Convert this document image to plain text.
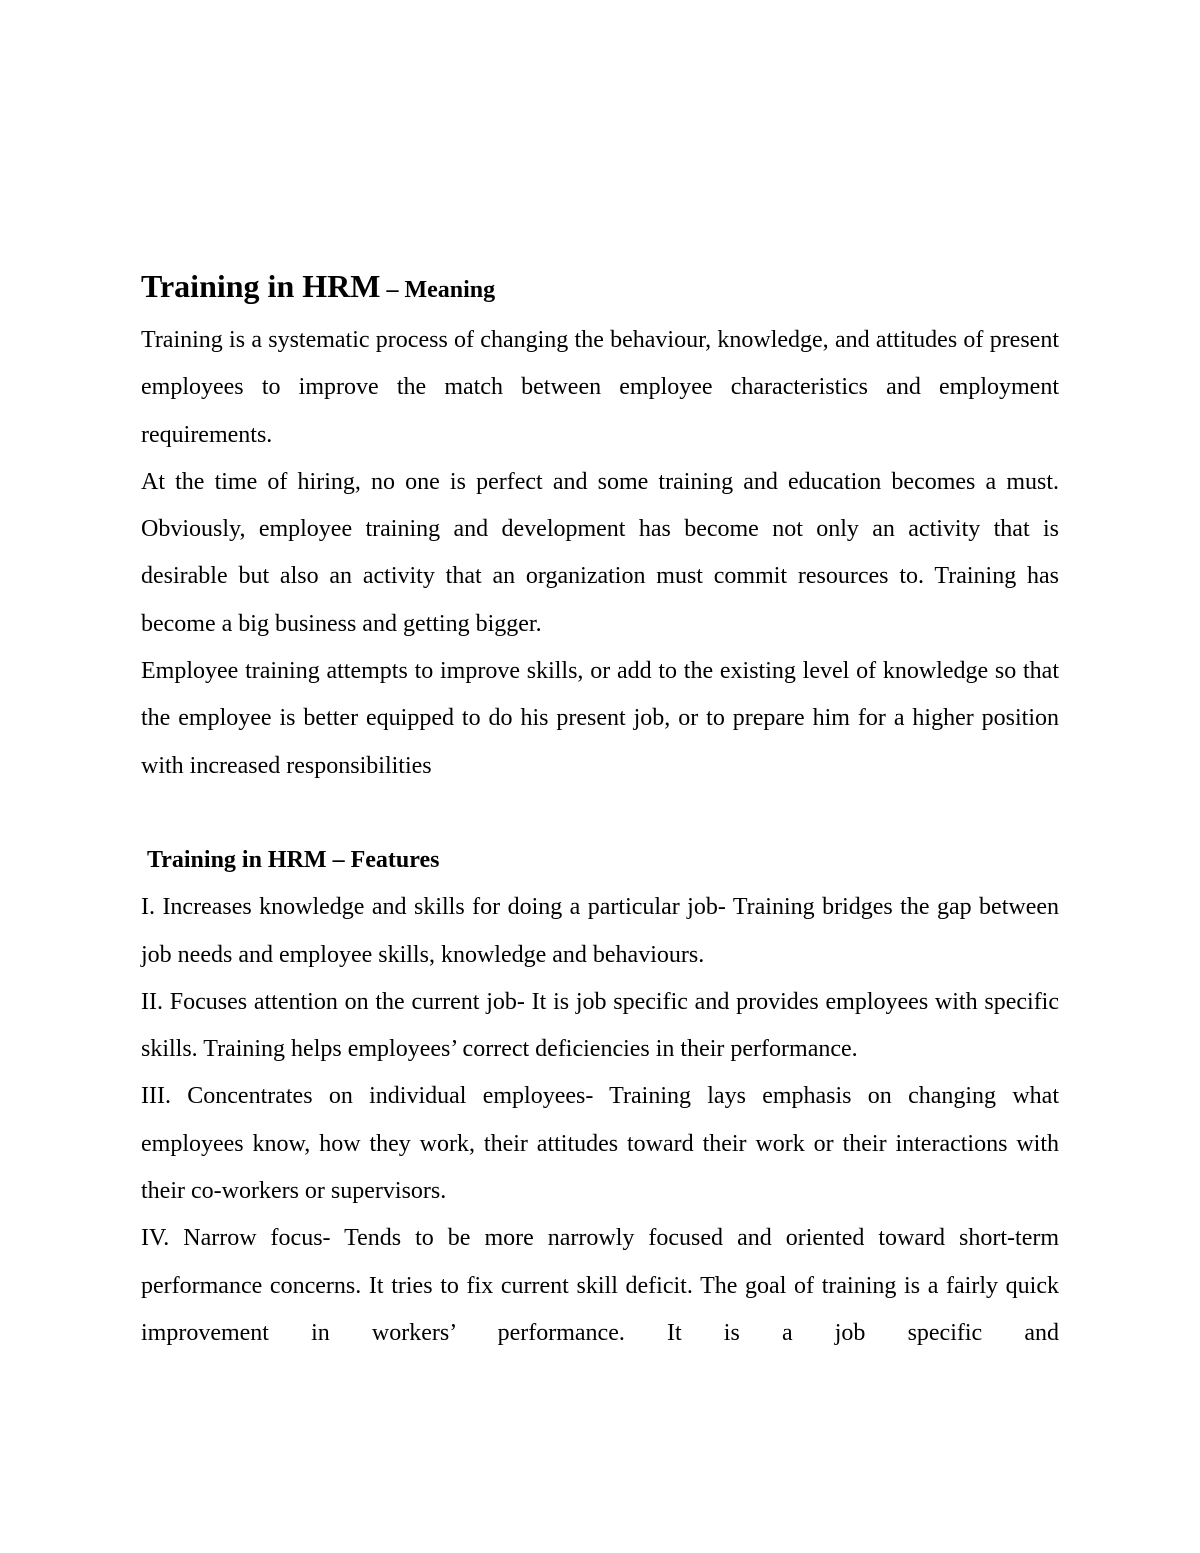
Training in HRM – Meaning

Training is a systematic process of changing the behaviour, knowledge, and attitudes of present employees to improve the match between employee characteristics and employment requirements.

At the time of hiring, no one is perfect and some training and education becomes a must. Obviously, employee training and development has become not only an activity that is desirable but also an activity that an organization must commit resources to. Training has become a big business and getting bigger.

Employee training attempts to improve skills, or add to the existing level of knowledge so that the employee is better equipped to do his present job, or to prepare him for a higher position with increased responsibilities

Training in HRM – Features

I. Increases knowledge and skills for doing a particular job- Training bridges the gap between job needs and employee skills, knowledge and behaviours.

II. Focuses attention on the current job- It is job specific and provides employees with specific skills. Training helps employees’ correct deficiencies in their performance.

III. Concentrates on individual employees- Training lays emphasis on changing what employees know, how they work, their attitudes toward their work or their interactions with their co-workers or supervisors.

IV. Narrow focus- Tends to be more narrowly focused and oriented toward short-term performance concerns. It tries to fix current skill deficit. The goal of training is a fairly quick improvement in workers’ performance. It is a job specific and
